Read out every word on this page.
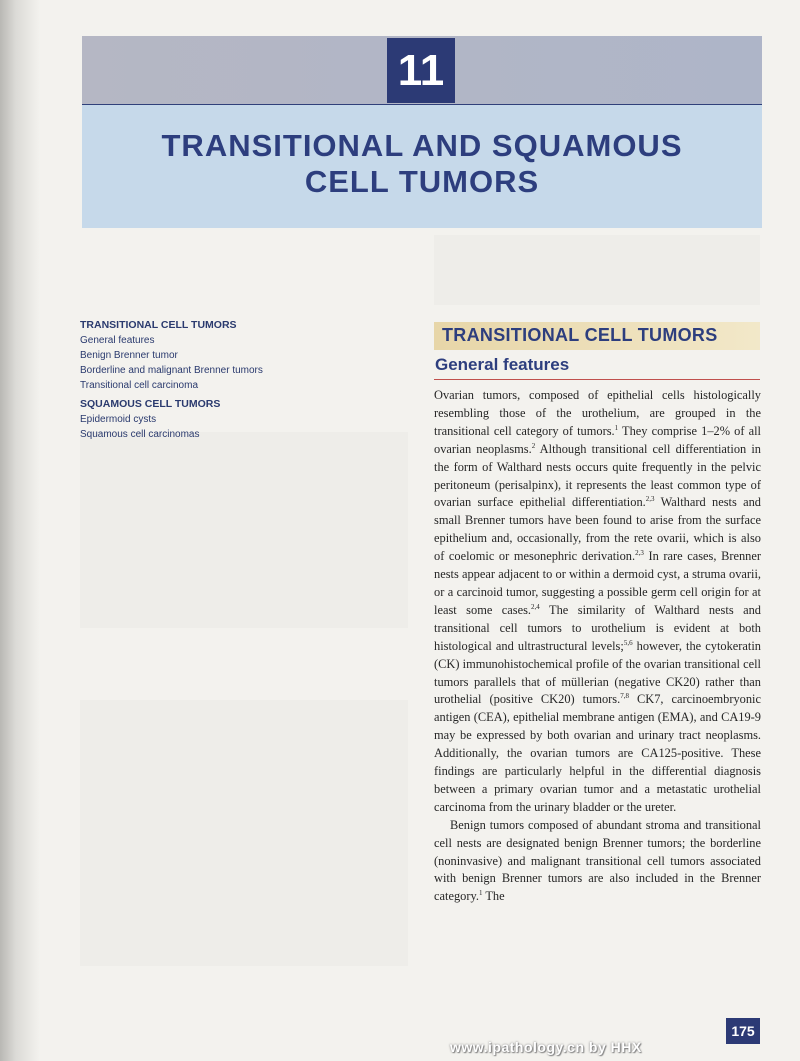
11
TRANSITIONAL AND SQUAMOUS
CELL TUMORS
TRANSITIONAL CELL TUMORS
General features
Benign Brenner tumor
Borderline and malignant Brenner tumors
Transitional cell carcinoma
SQUAMOUS CELL TUMORS
Epidermoid cysts
Squamous cell carcinomas
TRANSITIONAL CELL TUMORS
General features

Ovarian tumors, composed of epithelial cells histologically resembling those of the urothelium, are grouped in the transitional cell category of tumors.$^1$ They comprise 1–2% of all ovarian neoplasms.$^2$ Although transitional cell differentiation in the form of Walthard nests occurs quite frequently in the pelvic peritoneum (perisalpinx), it represents the least common type of ovarian surface epithelial differentiation.$^{2,3}$ Walthard nests and small Brenner tumors have been found to arise from the surface epithelium and, occasionally, from the rete ovarii, which is also of coelomic or mesonephric derivation.$^{2,3}$ In rare cases, Brenner nests appear adjacent to or within a dermoid cyst, a struma ovarii, or a carcinoid tumor, suggesting a possible germ cell origin for at least some cases.$^{2,4}$ The similarity of Walthard nests and transitional cell tumors to urothelium is evident at both histological and ultrastructural levels;$^{5,6}$ however, the cytokeratin (CK) immunohistochemical profile of the ovarian transitional cell tumors parallels that of müllerian (negative CK20) rather than urothelial (positive CK20) tumors.$^{7,8}$ CK7, carcinoembryonic antigen (CEA), epithelial membrane antigen (EMA), and CA19-9 may be expressed by both ovarian and urinary tract neoplasms. Additionally, the ovarian tumors are CA125-positive. These findings are particularly helpful in the differential diagnosis between a primary ovarian tumor and a metastatic urothelial carcinoma from the urinary bladder or the ureter.

Benign tumors composed of abundant stroma and transitional cell nests are designated benign Brenner tumors; the borderline (noninvasive) and malignant transitional cell tumors associated with benign Brenner tumors are also included in the Brenner category.$^1$ The

175
www.ipathology.cn by HHX
